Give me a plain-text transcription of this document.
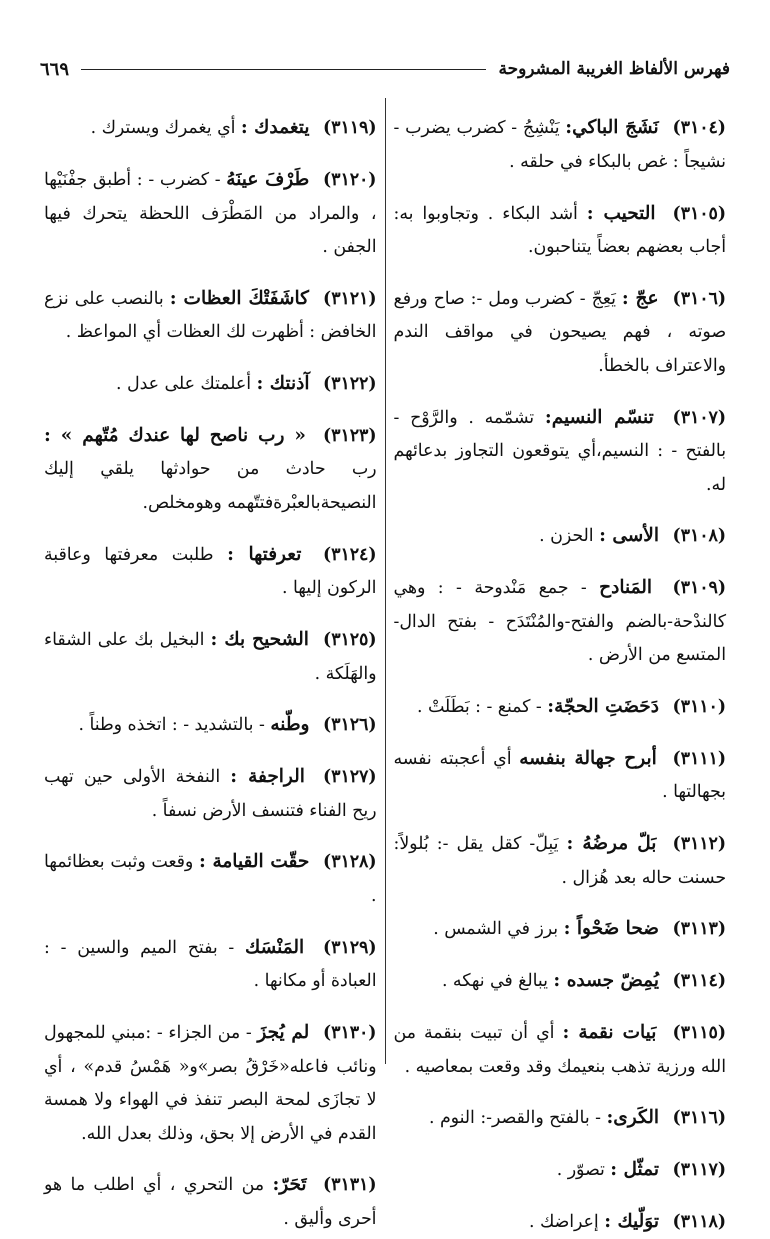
فهرس الألفاظ الغريبة المشروحة
٦٦٩

(٣١٠٤) نَشَجَ الباكي: يَنْشِجُ - كضرب يضرب - نشيجاً : غص بالبكاء في حلقه .

(٣١٠٥) التحيب : أشد البكاء . وتجاوبوا به: أجاب بعضهم بعضاً يتناحبون.

(٣١٠٦) عجّ : يَعِجّ - كضرب ومل -: صاح ورفع صوته ، فهم يصيحون في مواقف الندم والاعتراف بالخطأ.

(٣١٠٧) تنسّم النسيم: تشمّمه . والرَّوْح - بالفتح - : النسيم،أي يتوقعون التجاوز بدعائهم له.

(٣١٠٨) الأسى : الحزن .

(٣١٠٩) المَنادح - جمع مَنْدوحة - : وهي كالندْحة-بالضم والفتح-والمُنْتَدَح - بفتح الدال- المتسع من الأرض .

(٣١١٠) دَحَضَتِ الحجّة: - كمنع - : بَطَلَتْ .

(٣١١١) أبرح جهالة بنفسه أي أعجبته نفسه بجهالتها .

(٣١١٢) بَلّ مرضُهُ : يَبِلّ- كقل يقل -: بُلولاً: حسنت حاله بعد هُزال .

(٣١١٣) ضحا ضَحْواً : برز في الشمس .

(٣١١٤) يُمِضّ جسده : يبالغ في نهكه .

(٣١١٥) بَيات نقمة : أي أن تبيت بنقمة من الله ورزية تذهب بنعيمك وقد وقعت بمعاصيه .

(٣١١٦) الكَرى: - بالفتح والقصر-: النوم .

(٣١١٧) تمثّل : تصوّر .

(٣١١٨) توَلّيك : إعراضك .

(٣١١٩) يتغمدك : أي يغمرك ويسترك .

(٣١٢٠) طَرْفَ عينَهُ - كضرب - : أطبق جفْنَيْها ، والمراد من المَطْرَف اللحظة يتحرك فيها الجفن .

(٣١٢١) كاشَفَتْكَ العظات : بالنصب على نزع الخافض : أظهرت لك العظات أي المواعظ .

(٣١٢٢) آذنتك : أعلمتك على عدل .

(٣١٢٣) « رب ناصح لها عندك مُتّهم » : رب حادث من حوادثها يلقي إليك النصيحةبالعبْرةفتتّهمه وهومخلص.

(٣١٢٤) تعرفتها : طلبت معرفتها وعاقبة الركون إليها .

(٣١٢٥) الشحيح بك : البخيل بك على الشقاء والهَلَكة .

(٣١٢٦) وطّنه - بالتشديد - : اتخذه وطناً .

(٣١٢٧) الراجفة : النفخة الأولى حين تهب ريح الفناء فتنسف الأرض نسفاً .

(٣١٢٨) حقّت القيامة : وقعت وثبت بعظائمها .

(٣١٢٩) المَنْسَك - بفتح الميم والسين - : العبادة أو مكانها .

(٣١٣٠) لم يُجزَ - من الجزاء - :مبني للمجهول ونائب فاعله«خَرْقُ بصر»و« هَمْسُ قدم» ، أي لا تجازَى لمحة البصر تنفذ في الهواء ولا همسة القدم في الأرض إلا بحق، وذلك بعدل الله.

(٣١٣١) تَحَرّ: من التحري ، أي اطلب ما هو أحرى وأليق .
